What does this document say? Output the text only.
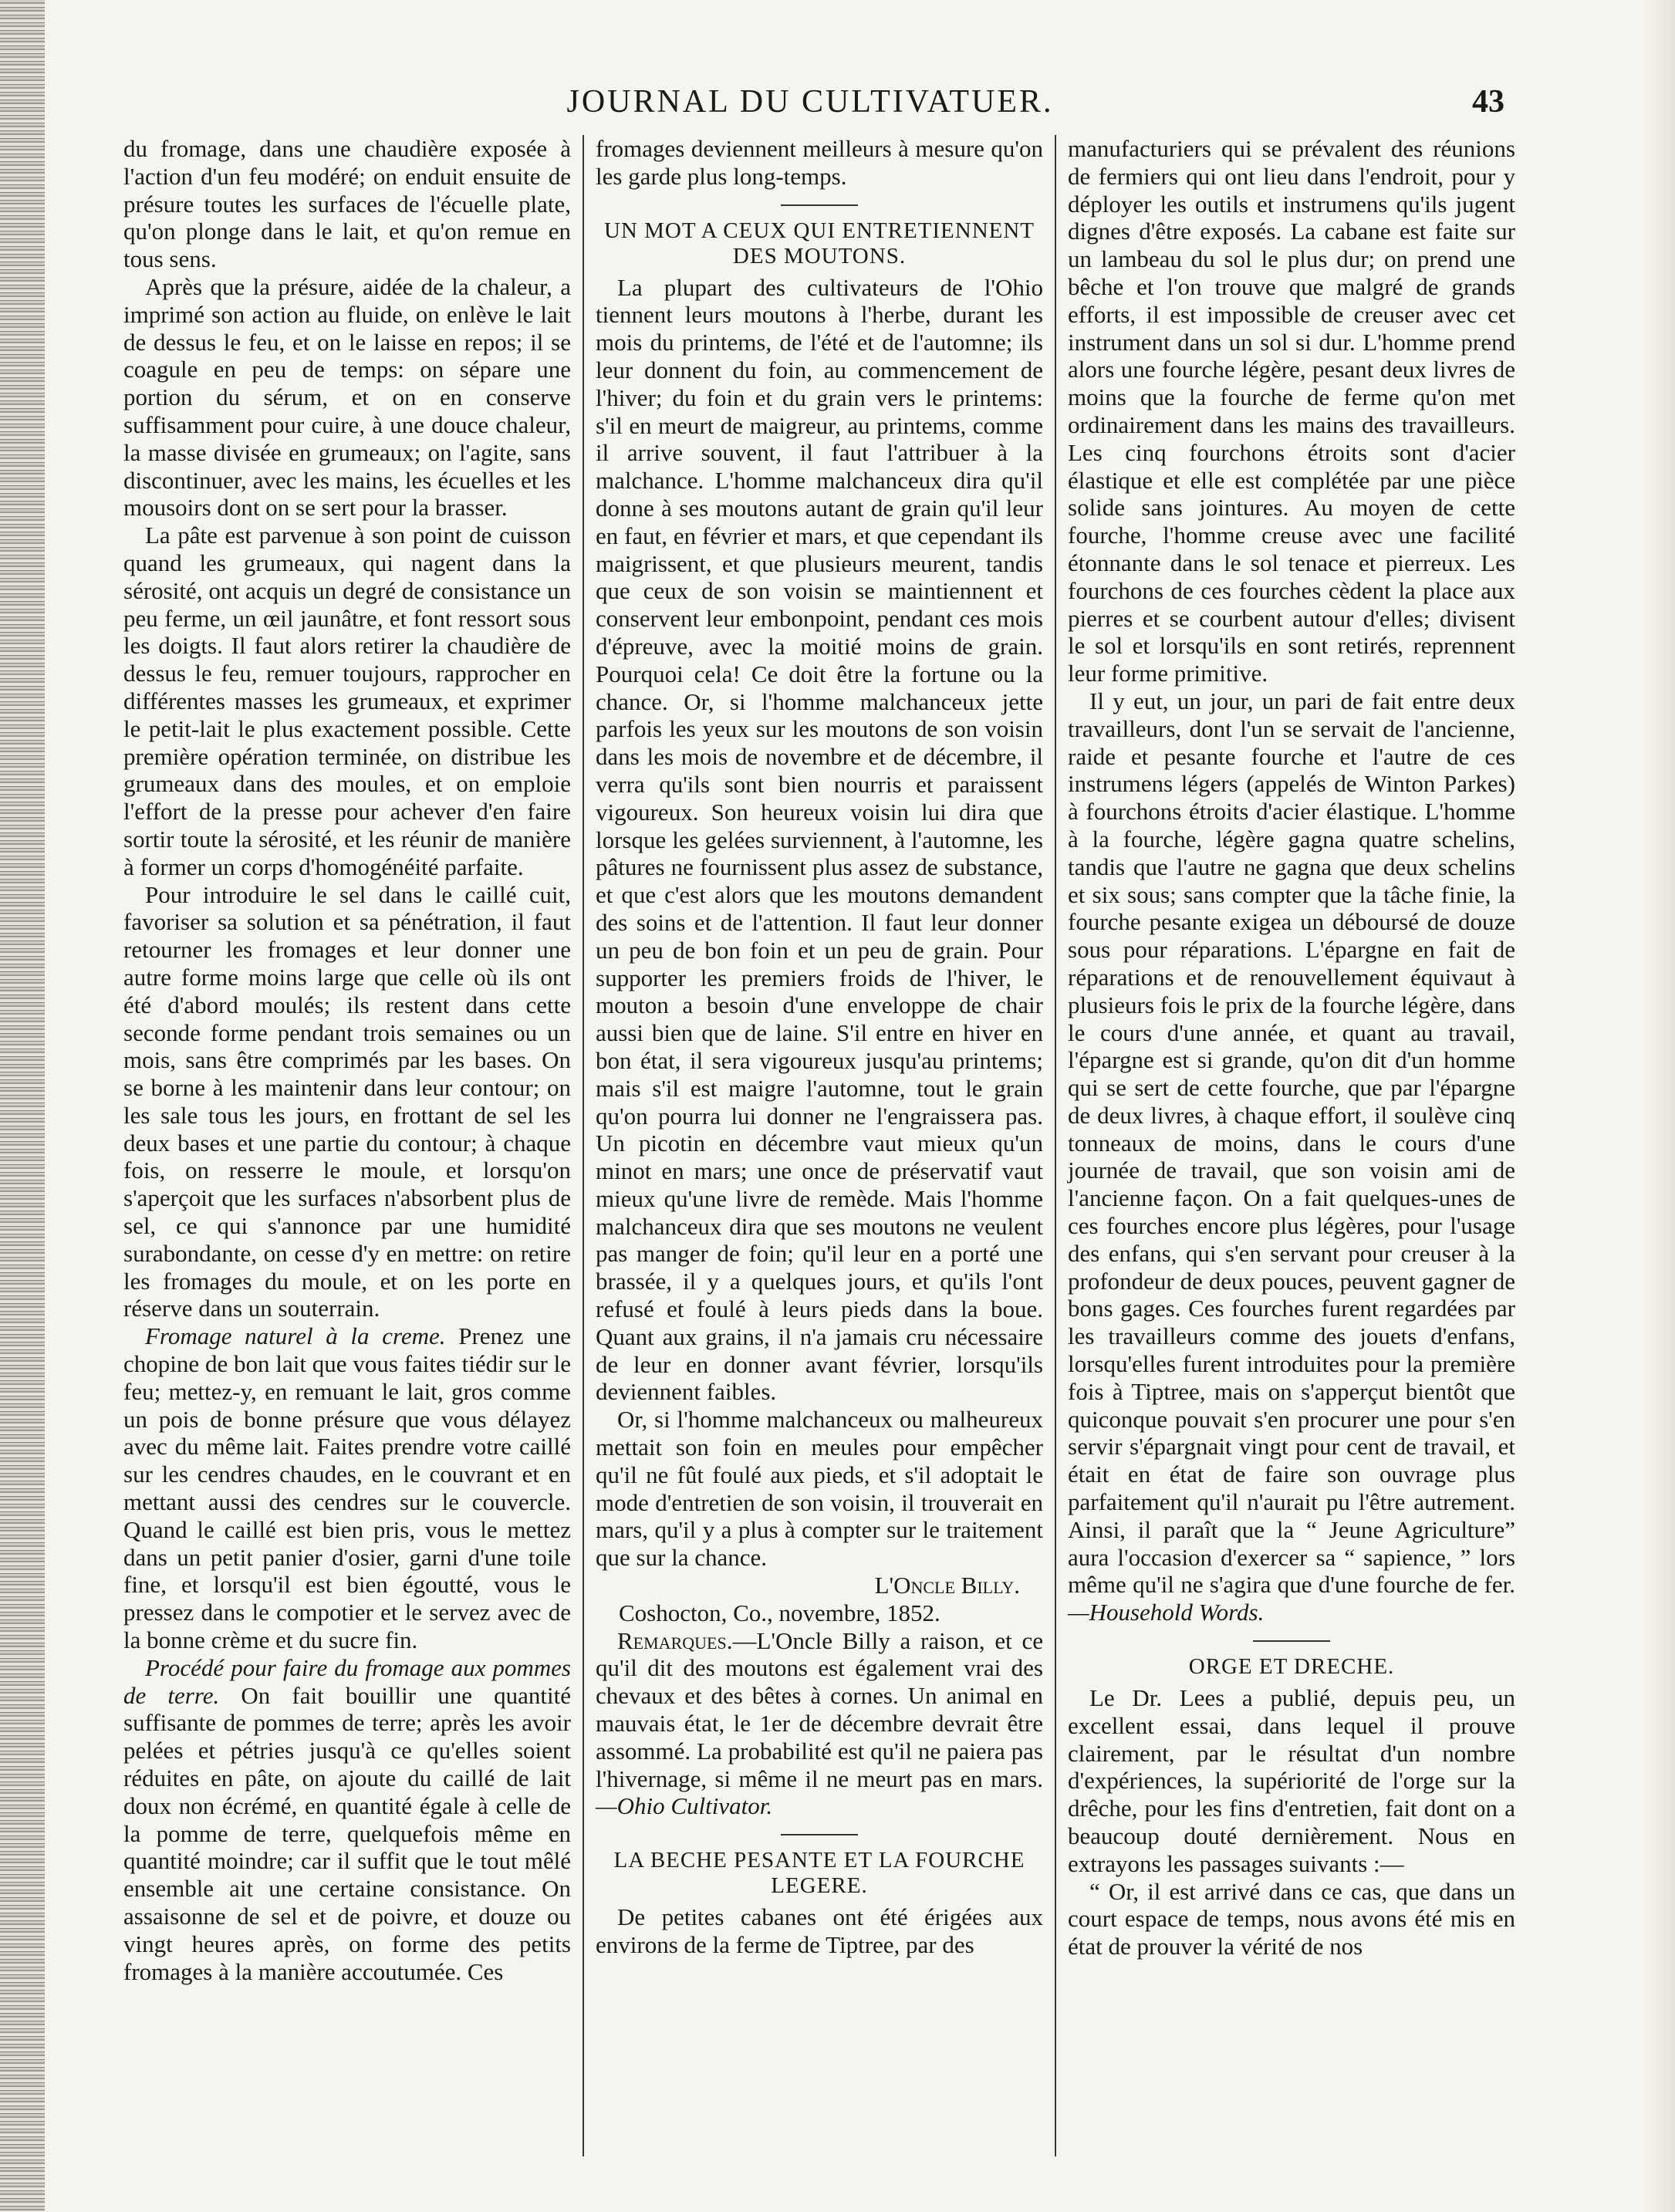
JOURNAL DU CULTIVATUER.	43

du fromage, dans une chaudière exposée à l'action d'un feu modéré; on enduit ensuite de présure toutes les surfaces de l'écuelle plate, qu'on plonge dans le lait, et qu'on remue en tous sens.

Après que la présure, aidée de la chaleur, a imprimé son action au fluide, on enlève le lait de dessus le feu, et on le laisse en repos; il se coagule en peu de temps: on sépare une portion du sérum, et on en conserve suffisamment pour cuire, à une douce chaleur, la masse divisée en grumeaux; on l'agite, sans discontinuer, avec les mains, les écuelles et les mousoirs dont on se sert pour la brasser.

La pâte est parvenue à son point de cuisson quand les grumeaux, qui nagent dans la sérosité, ont acquis un degré de consistance un peu ferme, un œil jaunâtre, et font ressort sous les doigts. Il faut alors retirer la chaudière de dessus le feu, remuer toujours, rapprocher en différentes masses les grumeaux, et exprimer le petit-lait le plus exactement possible. Cette première opération terminée, on distribue les grumeaux dans des moules, et on emploie l'effort de la presse pour achever d'en faire sortir toute la sérosité, et les réunir de manière à former un corps d'homogénéité parfaite.

Pour introduire le sel dans le caillé cuit, favoriser sa solution et sa pénétration, il faut retourner les fromages et leur donner une autre forme moins large que celle où ils ont été d'abord moulés; ils restent dans cette seconde forme pendant trois semaines ou un mois, sans être comprimés par les bases. On se borne à les maintenir dans leur contour; on les sale tous les jours, en frottant de sel les deux bases et une partie du contour; à chaque fois, on resserre le moule, et lorsqu'on s'aperçoit que les surfaces n'absorbent plus de sel, ce qui s'annonce par une humidité surabondante, on cesse d'y en mettre: on retire les fromages du moule, et on les porte en réserve dans un souterrain.

Fromage naturel à la creme. Prenez une chopine de bon lait que vous faites tiédir sur le feu; mettez-y, en remuant le lait, gros comme un pois de bonne présure que vous délayez avec du même lait. Faites prendre votre caillé sur les cendres chaudes, en le couvrant et en mettant aussi des cendres sur le couvercle. Quand le caillé est bien pris, vous le mettez dans un petit panier d'osier, garni d'une toile fine, et lorsqu'il est bien égoutté, vous le pressez dans le compotier et le servez avec de la bonne crème et du sucre fin.

Procédé pour faire du fromage aux pommes de terre. On fait bouillir une quantité suffisante de pommes de terre; après les avoir pelées et pétries jusqu'à ce qu'elles soient réduites en pâte, on ajoute du caillé de lait doux non écrémé, en quantité égale à celle de la pomme de terre, quelquefois même en quantité moindre; car il suffit que le tout mêlé ensemble ait une certaine consistance. On assaisonne de sel et de poivre, et douze ou vingt heures après, on forme des petits fromages à la manière accoutumée. Ces

fromages deviennent meilleurs à mesure qu'on les garde plus long-temps.

UN MOT A CEUX QUI ENTRETIENNENT DES MOUTONS.

La plupart des cultivateurs de l'Ohio tiennent leurs moutons à l'herbe, durant les mois du printems, de l'été et de l'automne; ils leur donnent du foin, au commencement de l'hiver; du foin et du grain vers le printems: s'il en meurt de maigreur, au printems, comme il arrive souvent, il faut l'attribuer à la malchance. L'homme malchanceux dira qu'il donne à ses moutons autant de grain qu'il leur en faut, en février et mars, et que cependant ils maigrissent, et que plusieurs meurent, tandis que ceux de son voisin se maintiennent et conservent leur embonpoint, pendant ces mois d'épreuve, avec la moitié moins de grain. Pourquoi cela! Ce doit être la fortune ou la chance. Or, si l'homme malchanceux jette parfois les yeux sur les moutons de son voisin dans les mois de novembre et de décembre, il verra qu'ils sont bien nourris et paraissent vigoureux. Son heureux voisin lui dira que lorsque les gelées surviennent, à l'automne, les pâtures ne fournissent plus assez de substance, et que c'est alors que les moutons demandent des soins et de l'attention. Il faut leur donner un peu de bon foin et un peu de grain. Pour supporter les premiers froids de l'hiver, le mouton a besoin d'une enveloppe de chair aussi bien que de laine. S'il entre en hiver en bon état, il sera vigoureux jusqu'au printems; mais s'il est maigre l'automne, tout le grain qu'on pourra lui donner ne l'engraissera pas. Un picotin en décembre vaut mieux qu'un minot en mars; une once de préservatif vaut mieux qu'une livre de remède. Mais l'homme malchanceux dira que ses moutons ne veulent pas manger de foin; qu'il leur en a porté une brassée, il y a quelques jours, et qu'ils l'ont refusé et foulé à leurs pieds dans la boue. Quant aux grains, il n'a jamais cru nécessaire de leur en donner avant février, lorsqu'ils deviennent faibles.

Or, si l'homme malchanceux ou malheureux mettait son foin en meules pour empêcher qu'il ne fût foulé aux pieds, et s'il adoptait le mode d'entretien de son voisin, il trouverait en mars, qu'il y a plus à compter sur le traitement que sur la chance.

L'Oncle Billy.

Coshocton, Co., novembre, 1852.

Remarques.—L'Oncle Billy a raison, et ce qu'il dit des moutons est également vrai des chevaux et des bêtes à cornes. Un animal en mauvais état, le 1er de décembre devrait être assommé. La probabilité est qu'il ne paiera pas l'hivernage, si même il ne meurt pas en mars.—Ohio Cultivator.

LA BECHE PESANTE ET LA FOURCHE LEGERE.

De petites cabanes ont été érigées aux environs de la ferme de Tiptree, par des

manufacturiers qui se prévalent des réunions de fermiers qui ont lieu dans l'endroit, pour y déployer les outils et instrumens qu'ils jugent dignes d'être exposés. La cabane est faite sur un lambeau du sol le plus dur; on prend une bêche et l'on trouve que malgré de grands efforts, il est impossible de creuser avec cet instrument dans un sol si dur. L'homme prend alors une fourche légère, pesant deux livres de moins que la fourche de ferme qu'on met ordinairement dans les mains des travailleurs. Les cinq fourchons étroits sont d'acier élastique et elle est complétée par une pièce solide sans jointures. Au moyen de cette fourche, l'homme creuse avec une facilité étonnante dans le sol tenace et pierreux. Les fourchons de ces fourches cèdent la place aux pierres et se courbent autour d'elles; divisent le sol et lorsqu'ils en sont retirés, reprennent leur forme primitive.

Il y eut, un jour, un pari de fait entre deux travailleurs, dont l'un se servait de l'ancienne, raide et pesante fourche et l'autre de ces instrumens légers (appelés de Winton Parkes) à fourchons étroits d'acier élastique. L'homme à la fourche, légère gagna quatre schelins, tandis que l'autre ne gagna que deux schelins et six sous; sans compter que la tâche finie, la fourche pesante exigea un déboursé de douze sous pour réparations. L'épargne en fait de réparations et de renouvellement équivaut à plusieurs fois le prix de la fourche légère, dans le cours d'une année, et quant au travail, l'épargne est si grande, qu'on dit d'un homme qui se sert de cette fourche, que par l'épargne de deux livres, à chaque effort, il soulève cinq tonneaux de moins, dans le cours d'une journée de travail, que son voisin ami de l'ancienne façon. On a fait quelques-unes de ces fourches encore plus légères, pour l'usage des enfans, qui s'en servant pour creuser à la profondeur de deux pouces, peuvent gagner de bons gages. Ces fourches furent regardées par les travailleurs comme des jouets d'enfans, lorsqu'elles furent introduites pour la première fois à Tiptree, mais on s'apperçut bientôt que quiconque pouvait s'en procurer une pour s'en servir s'épargnait vingt pour cent de travail, et était en état de faire son ouvrage plus parfaitement qu'il n'aurait pu l'être autrement. Ainsi, il paraît que la “ Jeune Agriculture” aura l'occasion d'exercer sa “ sapience, ” lors même qu'il ne s'agira que d'une fourche de fer.—Household Words.

ORGE ET DRECHE.

Le Dr. Lees a publié, depuis peu, un excellent essai, dans lequel il prouve clairement, par le résultat d'un nombre d'expériences, la supériorité de l'orge sur la drêche, pour les fins d'entretien, fait dont on a beaucoup douté dernièrement. Nous en extrayons les passages suivants :—

“ Or, il est arrivé dans ce cas, que dans un court espace de temps, nous avons été mis en état de prouver la vérité de nos
